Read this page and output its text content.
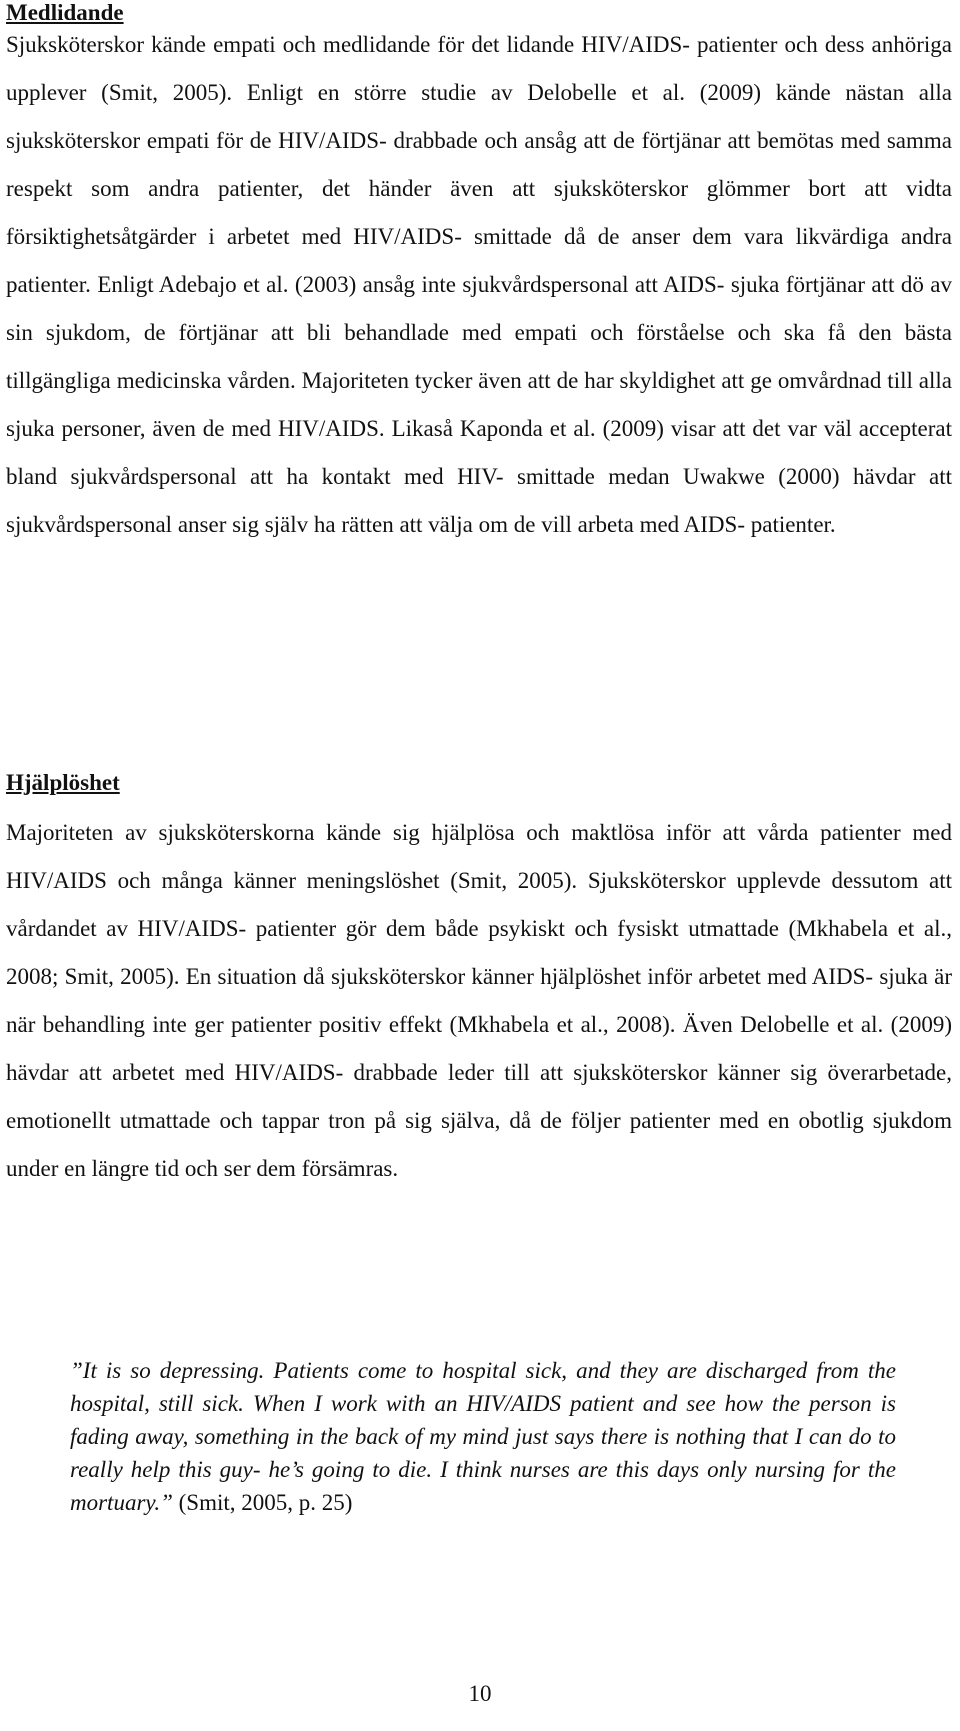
Medlidande

Sjuksköterskor kände empati och medlidande för det lidande HIV/AIDS- patienter och dess anhöriga upplever (Smit, 2005). Enligt en större studie av Delobelle et al. (2009) kände nästan alla sjuksköterskor empati för de HIV/AIDS- drabbade och ansåg att de förtjänar att bemötas med samma respekt som andra patienter, det händer även att sjuksköterskor glömmer bort att vidta försiktighetsåtgärder i arbetet med HIV/AIDS- smittade då de anser dem vara likvärdiga andra patienter. Enligt Adebajo et al. (2003) ansåg inte sjukvårdspersonal att AIDS- sjuka förtjänar att dö av sin sjukdom, de förtjänar att bli behandlade med empati och förståelse och ska få den bästa tillgängliga medicinska vården. Majoriteten tycker även att de har skyldighet att ge omvårdnad till alla sjuka personer, även de med HIV/AIDS. Likaså Kaponda et al. (2009) visar att det var väl accepterat bland sjukvårdspersonal att ha kontakt med HIV- smittade medan Uwakwe (2000) hävdar att sjukvårdspersonal anser sig själv ha rätten att välja om de vill arbeta med AIDS- patienter.

Hjälplöshet

Majoriteten av sjuksköterskorna kände sig hjälplösa och maktlösa inför att vårda patienter med HIV/AIDS och många känner meningslöshet (Smit, 2005). Sjuksköterskor upplevde dessutom att vårdandet av HIV/AIDS- patienter gör dem både psykiskt och fysiskt utmattade (Mkhabela et al., 2008; Smit, 2005). En situation då sjuksköterskor känner hjälplöshet inför arbetet med AIDS- sjuka är när behandling inte ger patienter positiv effekt (Mkhabela et al., 2008). Även Delobelle et al. (2009) hävdar att arbetet med HIV/AIDS- drabbade leder till att sjuksköterskor känner sig överarbetade, emotionellt utmattade och tappar tron på sig själva, då de följer patienter med en obotlig sjukdom under en längre tid och ser dem försämras.

”It is so depressing. Patients come to hospital sick, and they are discharged from the hospital, still sick. When I work with an HIV/AIDS patient and see how the person is fading away, something in the back of my mind just says there is nothing that I can do to really help this guy- he’s going to die. I think nurses are this days only nursing for the mortuary.” (Smit, 2005, p. 25)

10
